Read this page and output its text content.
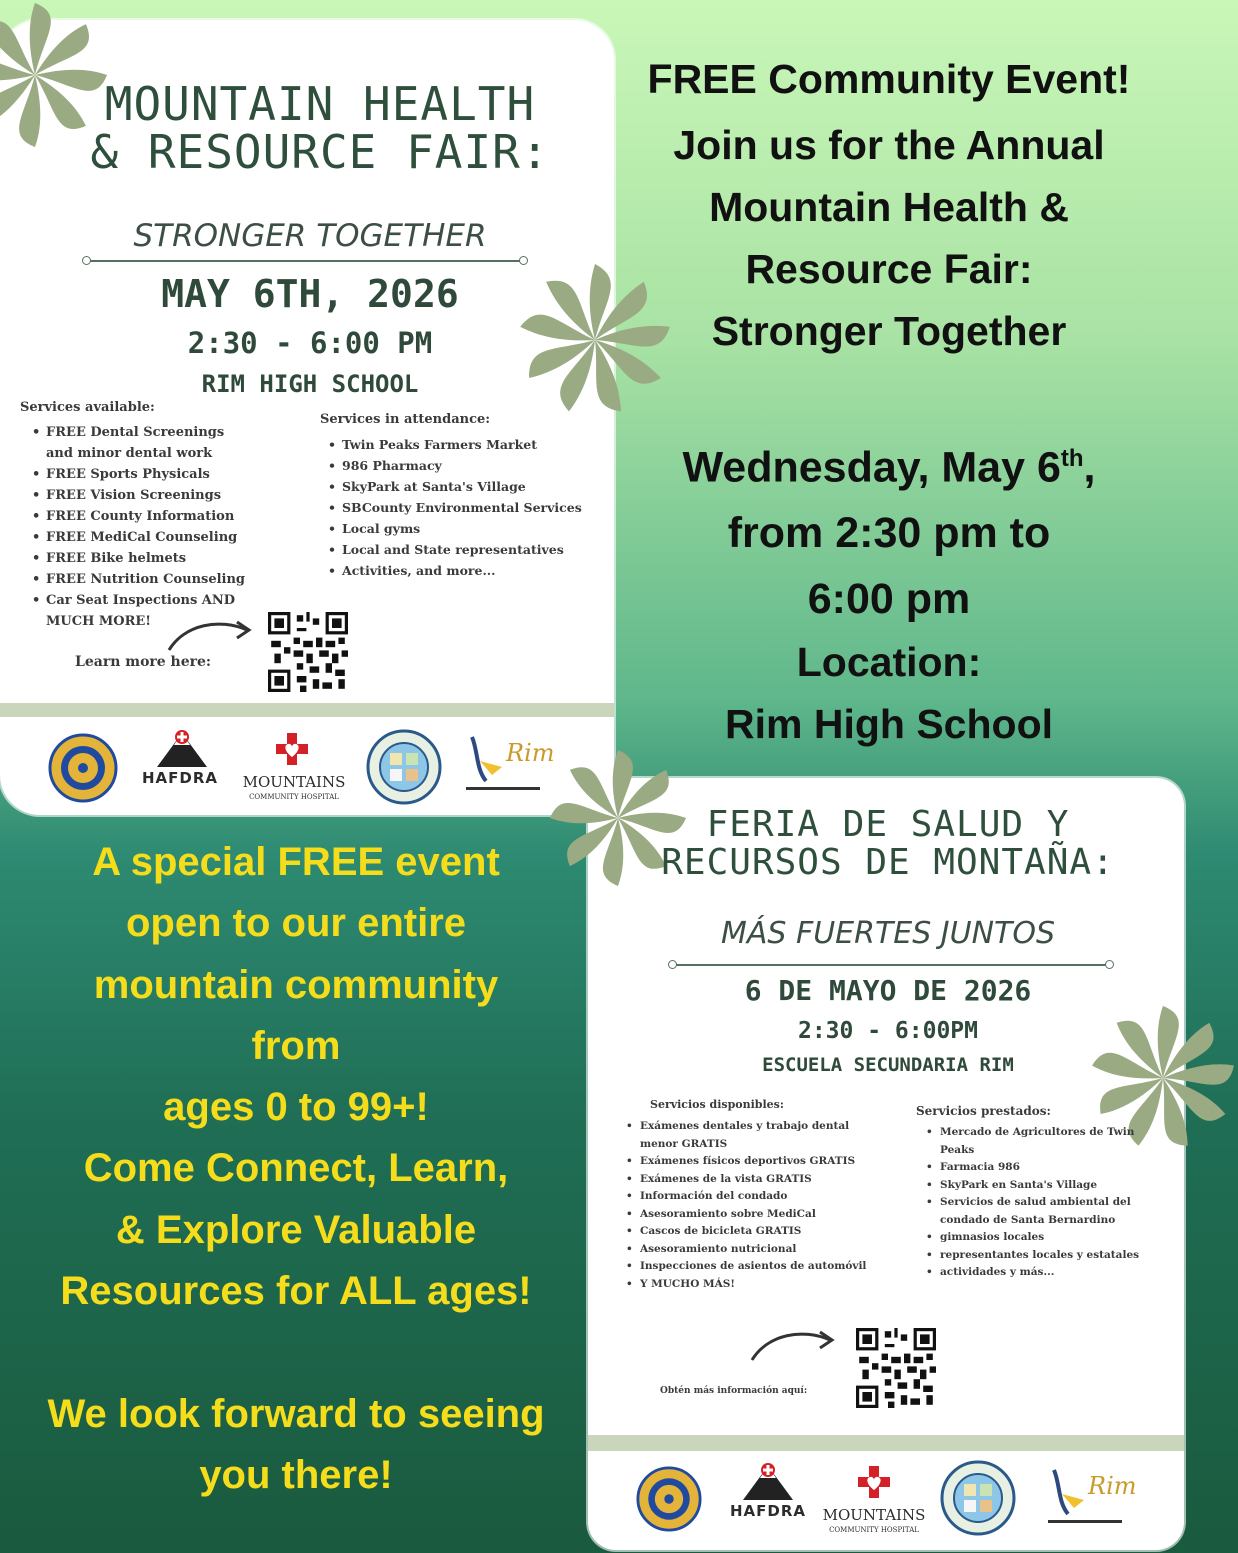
MOUNTAIN HEALTH
& RESOURCE FAIR:
STRONGER TOGETHER
MAY 6TH, 2026
2:30 - 6:00 PM
RIM HIGH SCHOOL
Services available:
• FREE Dental Screenings
and minor dental work
• FREE Sports Physicals
• FREE Vision Screenings
• FREE County Information
• FREE MediCal Counseling
• FREE Bike helmets
• FREE Nutrition Counseling
• Car Seat Inspections AND
MUCH MORE!
Services in attendance:
• Twin Peaks Farmers Market
• 986 Pharmacy
• SkyPark at Santa's Village
• SBCounty Environmental Services
• Local gyms
• Local and State representatives
• Activities, and more...
Learn more here:
HAFDRA	MOUNTAINS
COMMUNITY HOSPITAL
Rim
FREE Community Event!
Join us for the Annual
Mountain Health &
Resource Fair:
Stronger Together
Wednesday, May 6th,
from 2:30 pm to
6:00 pm
Location:
Rim High School
A special FREE event
open to our entire
mountain community
from
ages 0 to 99+!
Come Connect, Learn,
& Explore Valuable
Resources for ALL ages!

We look forward to seeing
you there!
FERIA DE SALUD Y
RECURSOS DE MONTAÑA:
MÁS FUERTES JUNTOS
6 DE MAYO DE 2026
2:30 - 6:00PM
ESCUELA SECUNDARIA RIM
Servicios disponibles:
• Exámenes dentales y trabajo dental
menor GRATIS
• Exámenes físicos deportivos GRATIS
• Exámenes de la vista GRATIS
• Información del condado
• Asesoramiento sobre MediCal
• Cascos de bicicleta GRATIS
• Asesoramiento nutricional
• Inspecciones de asientos de automóvil
• Y MUCHO MÁS!
Servicios prestados:
• Mercado de Agricultores de Twin
Peaks
• Farmacia 986
• SkyPark en Santa's Village
• Servicios de salud ambiental del
condado de Santa Bernardino
• gimnasios locales
• representantes locales y estatales
• actividades y más...
Obtén más información aquí:
HAFDRA	MOUNTAINS
COMMUNITY HOSPITAL
Rim
